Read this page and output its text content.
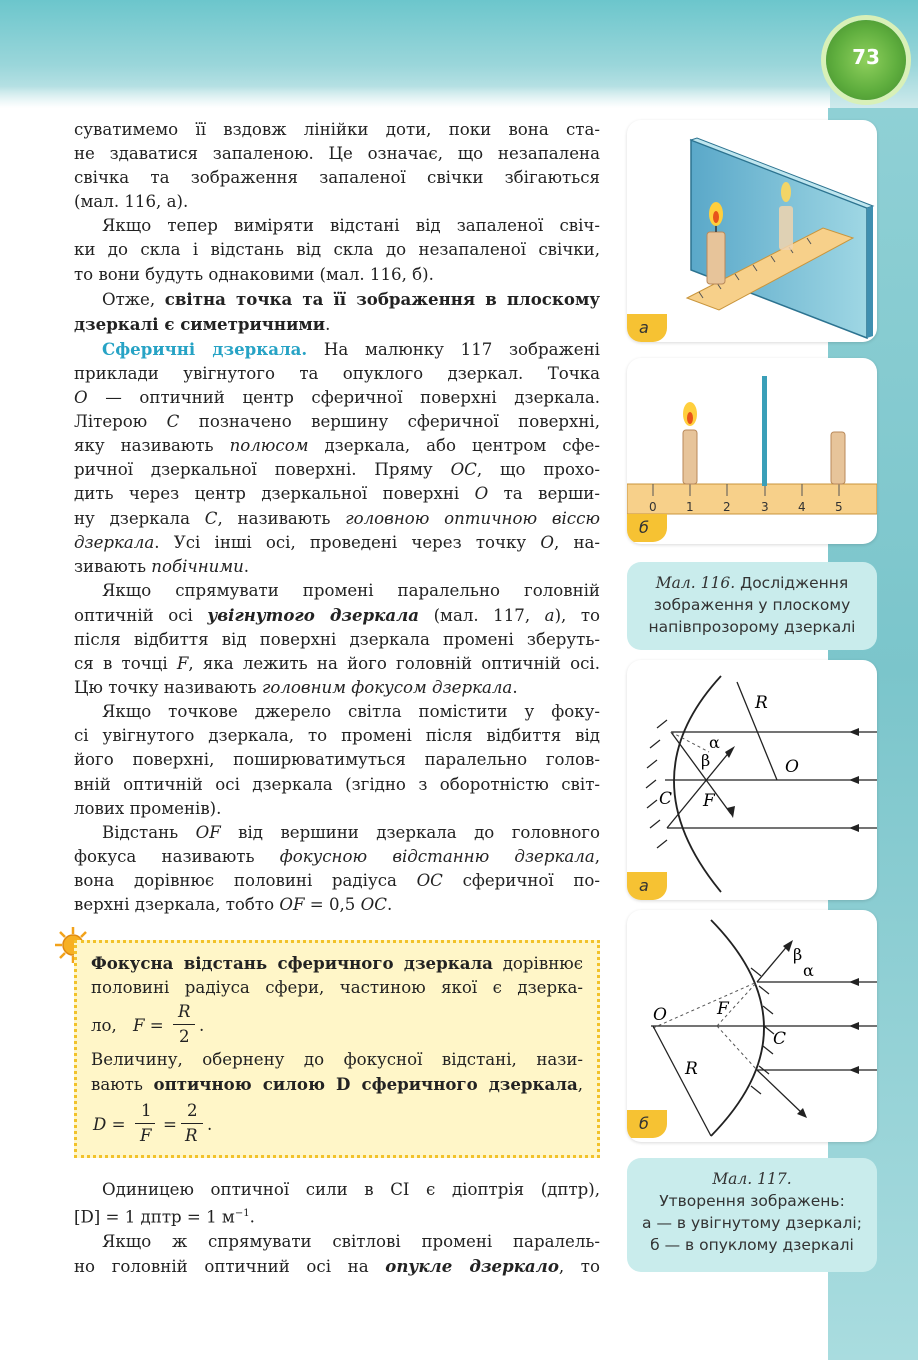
73
суватимемо її вздовж лінійки доти, поки вона ста-
не здаватися запаленою. Це означає, що незапалена
свічка та зображення запаленої свічки збігаються
(мал. 116, а).
Якщо тепер виміряти відстані від запаленої свіч-
ки до скла і відстань від скла до незапаленої свічки,
то вони будуть однаковими (мал. 116, б).
Отже, світна точка та її зображення в плоскому
дзеркалі є симетричними.
Сферичні дзеркала. На малюнку 117 зображені
приклади увігнутого та опуклого дзеркал. Точка
O — оптичний центр сферичної поверхні дзеркала.
Літерою C позначено вершину сферичної поверхні,
яку називають полюсом дзеркала, або центром сфе-
ричної дзеркальної поверхні. Пряму OC, що прохо-
дить через центр дзеркальної поверхні O та верши-
ну дзеркала C, називають головною оптичною віссю
дзеркала. Усі інші осі, проведені через точку O, на-
зивають побічними.
Якщо спрямувати промені паралельно головній
оптичній осі увігнутого дзеркала (мал. 117, а), то
після відбиття від поверхні дзеркала промені зберуть-
ся в точці F, яка лежить на його головній оптичній осі.
Цю точку називають головним фокусом дзеркала.
Якщо точкове джерело світла помістити у фоку-
сі увігнутого дзеркала, то промені після відбиття від
його поверхні, поширюватимуться паралельно голов-
вній оптичній осі дзеркала (згідно з оборотністю світ-
лових променів).
Відстань OF від вершини дзеркала до головного
фокуса називають фокусною відстанню дзеркала,
вона дорівнює половині радіуса OC сферичної по-
верхні дзеркала, тобто OF = 0,5 OC.
Фокусна відстань сферичного дзеркала дорівнює
половині радіуса сфери, частиною якої є дзерка-
ло, F =
R
2
.
Величину, обернену до фокусної відстані, нази-
вають оптичною силою D сферичного дзеркала,
D =
1
F
=
2
R
.
Одиницею оптичної сили в СІ є діоптрія (дптр),
[D] = 1 дптр = 1 $м^{-1}$.
Якщо ж спрямувати світлові промені паралель-
но головній оптичний осі на опукле дзеркало, то
а
0 1 2	3 4 5
б
Мал. 116. Дослідження
зображення у плоскому
напівпрозорому дзеркалі
R
α
β	O
C F
а
β
α
O	F
C
R
б
Мал. 117.
Утворення зображень:
а — в увігнутому дзеркалі;
б — в опуклому дзеркалі
